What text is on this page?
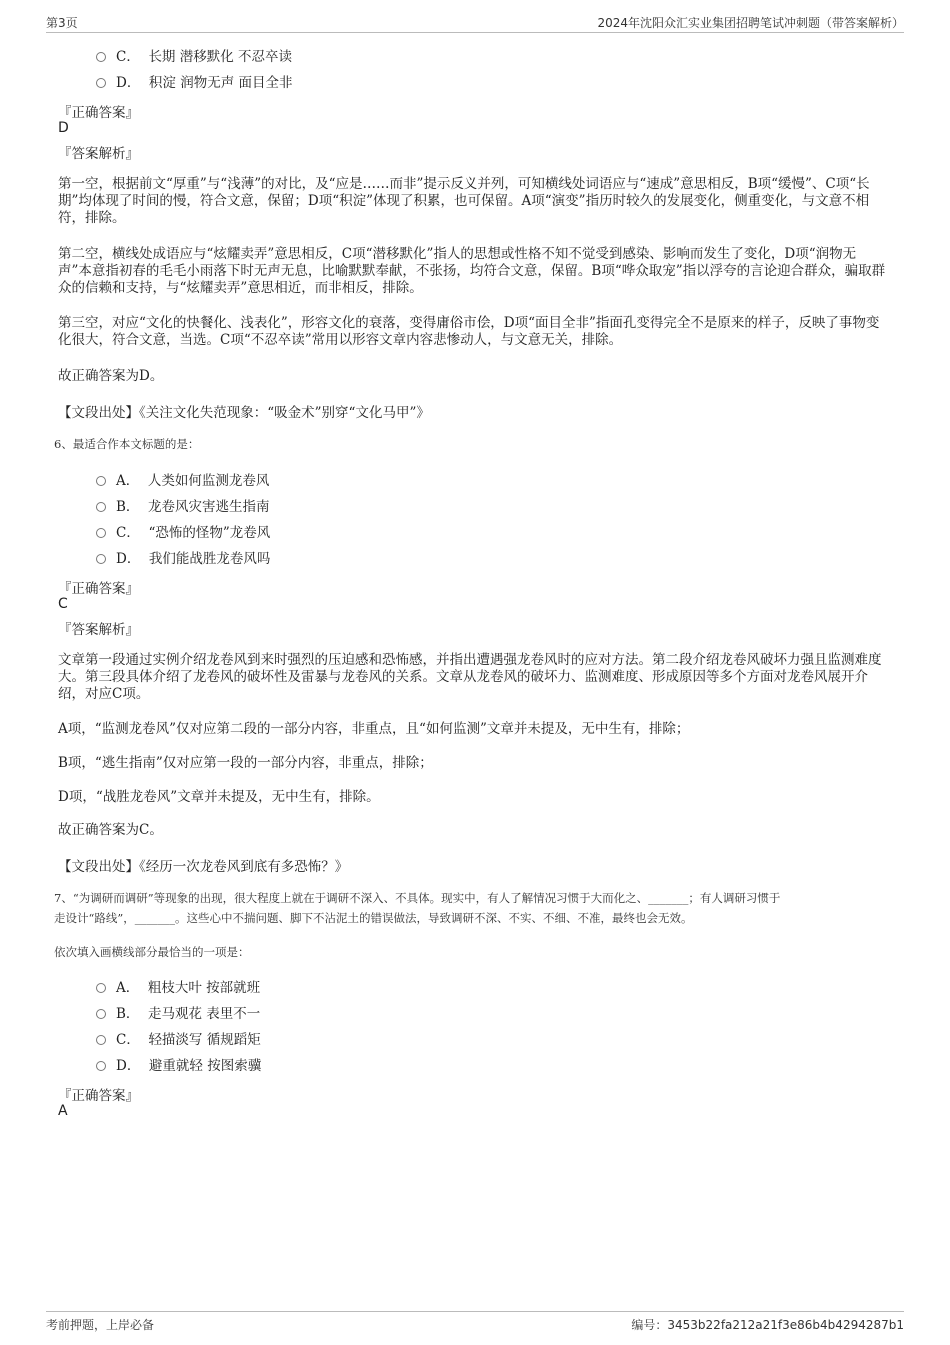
第3页	2024年沈阳众汇实业集团招聘笔试冲刺题（带答案解析）
C． 长期 潜移默化 不忍卒读
D． 积淀 润物无声 面目全非
『正确答案』
D
『答案解析』
第一空，根据前文“厚重”与“浅薄”的对比，及“应是……而非”提示反义并列，可知横线处词语应与“速成”意思相反，B项“缓慢”、C项“长期”均体现了时间的慢，符合文意，保留；D项“积淀”体现了积累，也可保留。A项“演变”指历时较久的发展变化，侧重变化，与文意不相符，排除。
第二空，横线处成语应与“炫耀卖弄”意思相反，C项“潜移默化”指人的思想或性格不知不觉受到感染、影响而发生了变化，D项“润物无声”本意指初春的毛毛小雨落下时无声无息，比喻默默奉献，不张扬，均符合文意，保留。B项“哗众取宠”指以浮夸的言论迎合群众，骗取群众的信赖和支持，与“炫耀卖弄”意思相近，而非相反，排除。
第三空，对应“文化的快餐化、浅表化”，形容文化的衰落，变得庸俗市侩，D项“面目全非”指面孔变得完全不是原来的样子，反映了事物变化很大，符合文意，当选。C项“不忍卒读”常用以形容文章内容悲惨动人，与文意无关，排除。
故正确答案为D。
【文段出处】《关注文化失范现象：“吸金术”别穿“文化马甲”》
6、最适合作本文标题的是：
A． 人类如何监测龙卷风
B． 龙卷风灾害逃生指南
C． “恐怖的怪物”龙卷风
D． 我们能战胜龙卷风吗
『正确答案』
C
『答案解析』
文章第一段通过实例介绍龙卷风到来时强烈的压迫感和恐怖感，并指出遭遇强龙卷风时的应对方法。第二段介绍龙卷风破坏力强且监测难度大。第三段具体介绍了龙卷风的破坏性及雷暴与龙卷风的关系。文章从龙卷风的破坏力、监测难度、形成原因等多个方面对龙卷风展开介绍，对应C项。
A项，“监测龙卷风”仅对应第二段的一部分内容，非重点，且“如何监测”文章并未提及，无中生有，排除；
B项，“逃生指南”仅对应第一段的一部分内容，非重点，排除；
D项，“战胜龙卷风”文章并未提及，无中生有，排除。
故正确答案为C。
【文段出处】《经历一次龙卷风到底有多恐怖？》
7、“为调研而调研”等现象的出现，很大程度上就在于调研不深入、不具体。现实中，有人了解情况习惯于大而化之、_______；有人调研习惯于
走设计“路线”，_______。这些心中不揣问题、脚下不沾泥土的错误做法，导致调研不深、不实、不细、不准，最终也会无效。
依次填入画横线部分最恰当的一项是：
A． 粗枝大叶 按部就班
B． 走马观花 表里不一
C． 轻描淡写 循规蹈矩
D． 避重就轻 按图索骥
『正确答案』
A
考前押题，上岸必备	编号：3453b22fa212a21f3e86b4b4294287b1
